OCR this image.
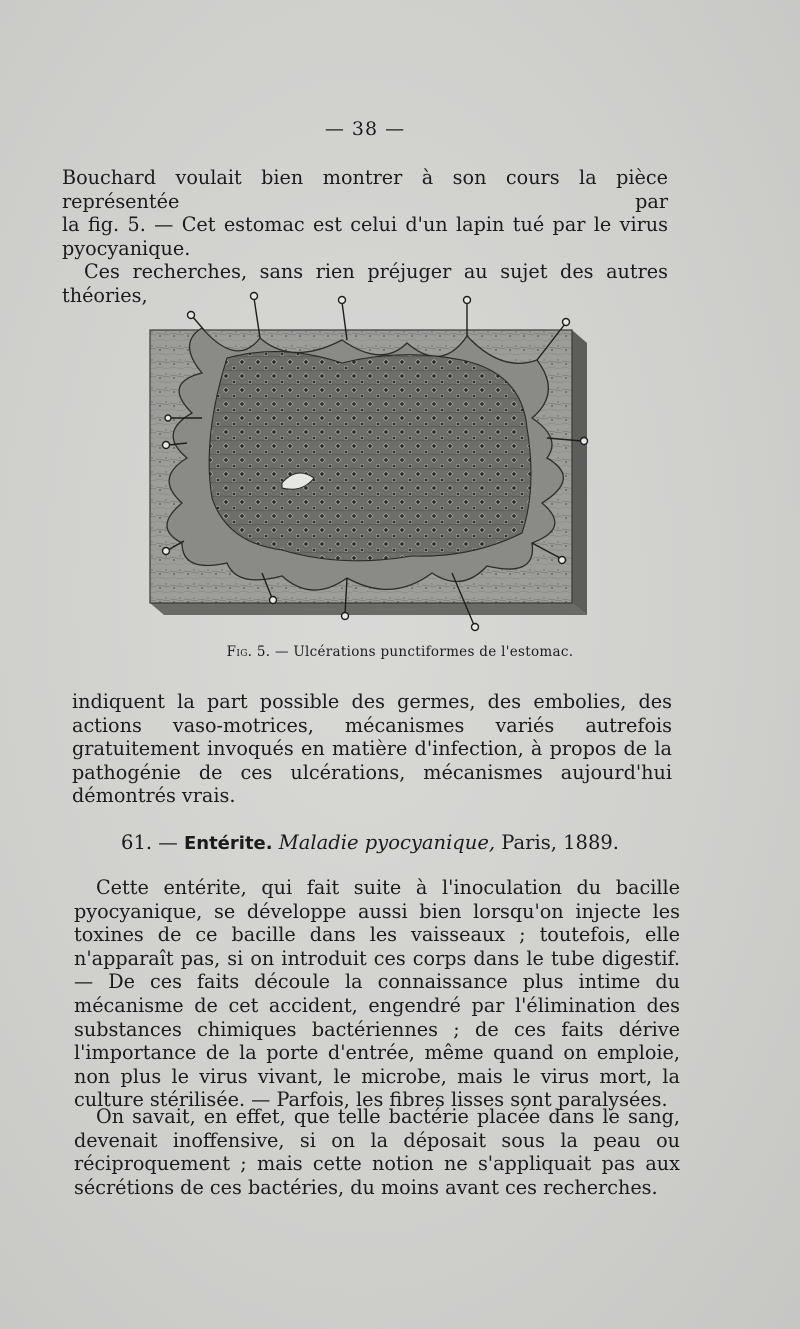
— 38 —

Bouchard voulait bien montrer à son cours la pièce représentée par

la fig. 5. — Cet estomac est celui d'un lapin tué par le virus

pyocyanique.

Ces recherches, sans rien préjuger au sujet des autres théories,

Fig. 5. — Ulcérations punctiformes de l'estomac.

indiquent la part possible des germes, des embolies, des actions vaso-motrices, mécanismes variés autrefois gratuitement invoqués en matière d'infection, à propos de la pathogénie de ces ulcérations, mécanismes aujourd'hui démontrés vrais.

61. — Entérite. Maladie pyocyanique, Paris, 1889.

Cette entérite, qui fait suite à l'inoculation du bacille pyocyanique, se développe aussi bien lorsqu'on injecte les toxines de ce bacille dans les vaisseaux ; toutefois, elle n'apparaît pas, si on introduit ces corps dans le tube digestif. — De ces faits découle la connaissance plus intime du mécanisme de cet accident, engendré par l'élimination des substances chimiques bactériennes ; de ces faits dérive l'importance de la porte d'entrée, même quand on emploie, non plus le virus vivant, le microbe, mais le virus mort, la culture stérilisée. — Parfois, les fibres lisses sont paralysées.

On savait, en effet, que telle bactérie placée dans le sang, devenait inoffensive, si on la déposait sous la peau ou réciproquement ; mais cette notion ne s'appliquait pas aux sécrétions de ces bactéries, du moins avant ces recherches.
